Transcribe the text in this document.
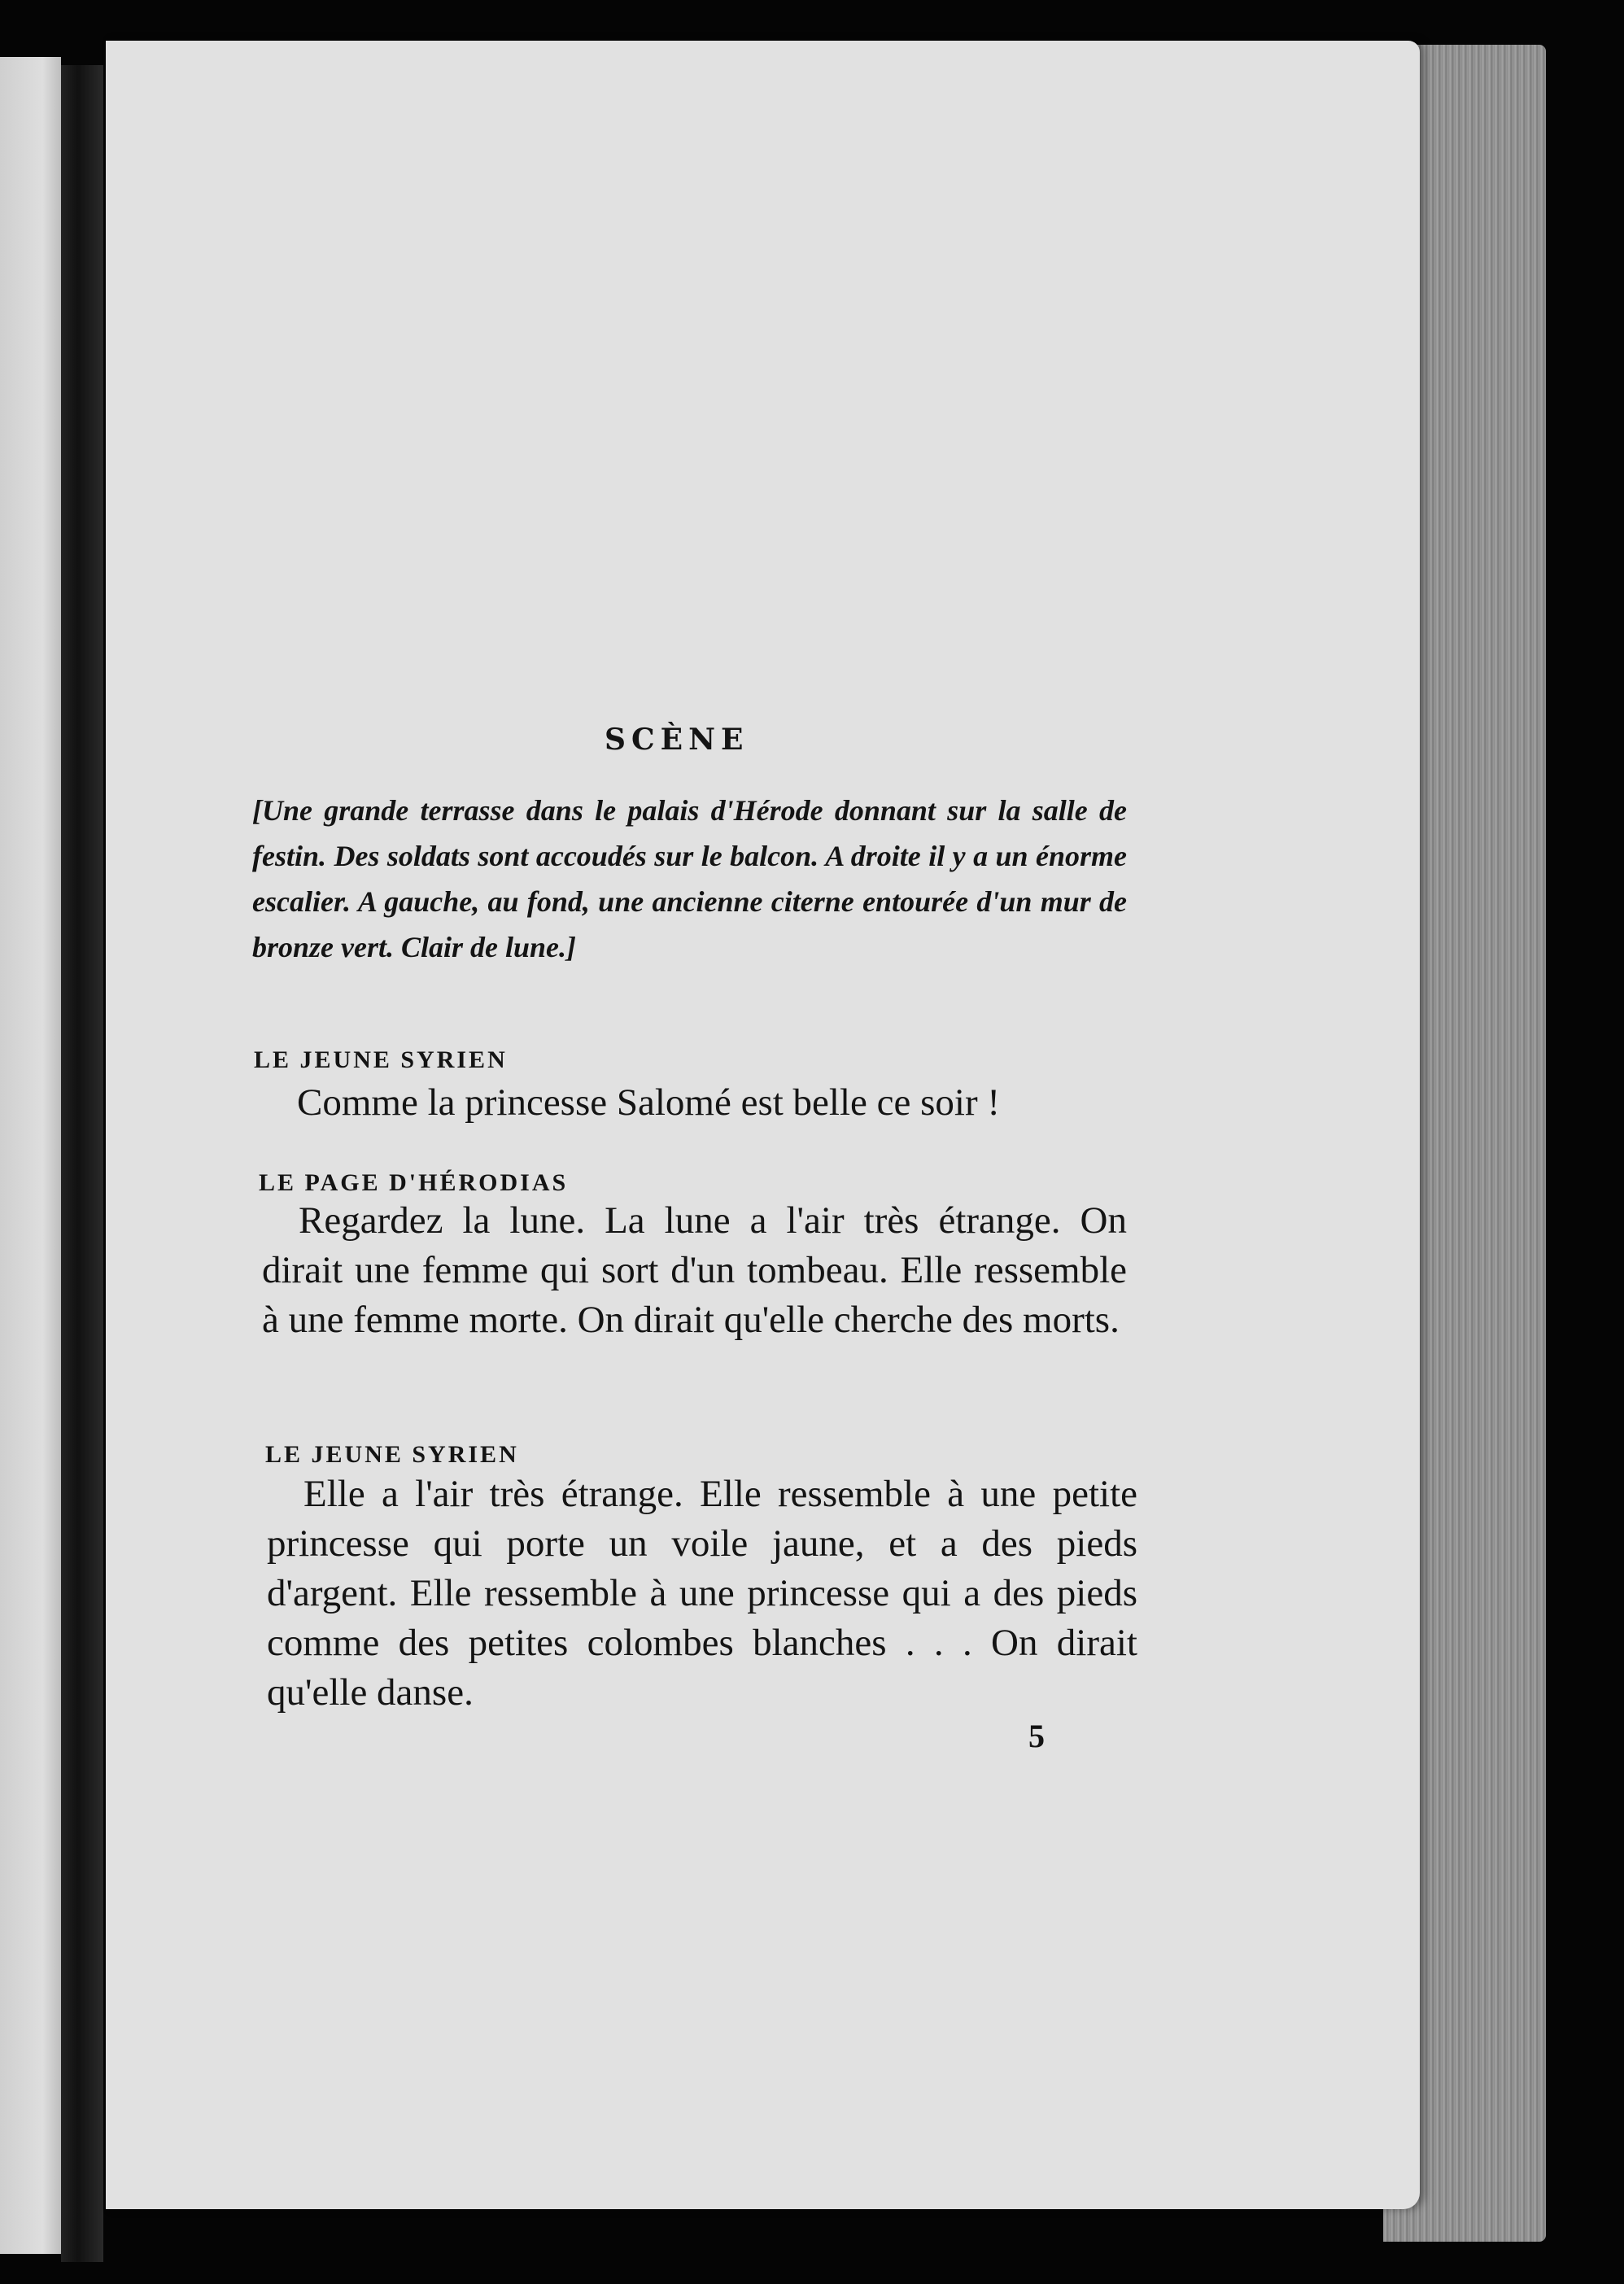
SCÈNE
[Une grande terrasse dans le palais d'Hérode donnant sur la salle de festin. Des soldats sont accoudés sur le balcon. A droite il y a un énorme escalier. A gauche, au fond, une ancienne citerne entourée d'un mur de bronze vert. Clair de lune.]
LE JEUNE SYRIEN
Comme la princesse Salomé est belle ce soir !
LE PAGE D'HÉRODIAS
Regardez la lune. La lune a l'air très étrange. On dirait une femme qui sort d'un tombeau. Elle ressemble à une femme morte. On dirait qu'elle cherche des morts.
LE JEUNE SYRIEN
Elle a l'air très étrange. Elle ressemble à une petite princesse qui porte un voile jaune, et a des pieds d'argent. Elle ressemble à une princesse qui a des pieds comme des petites colombes blanches . . . On dirait qu'elle danse.
5
